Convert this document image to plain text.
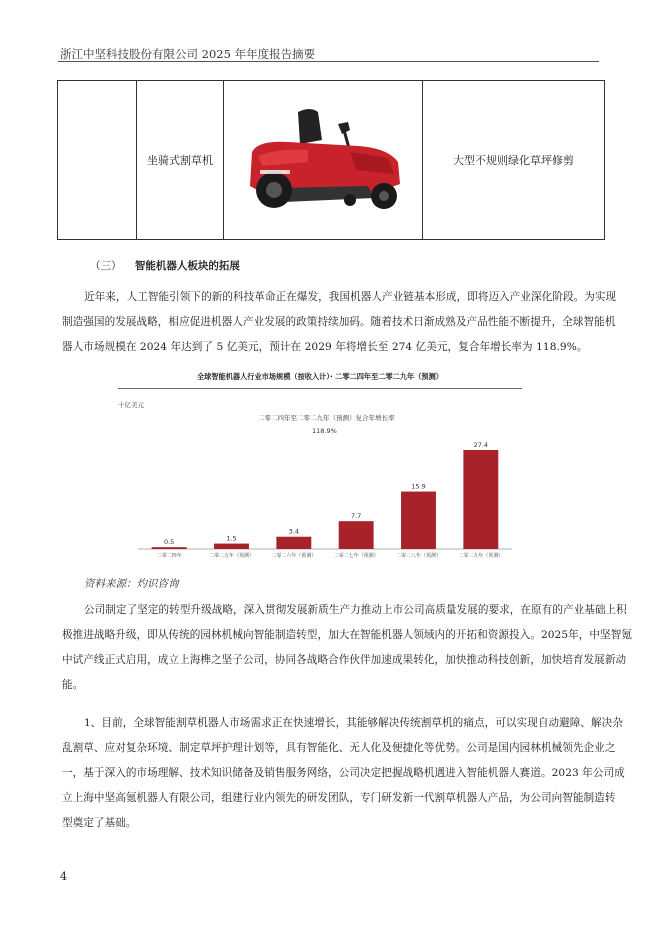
浙江中坚科技股份有限公司 2025 年年度报告摘要
	坐骑式割草机		大型不规则绿化草坪修剪
（三） 智能机器人板块的拓展
近年来，人工智能引领下的新的科技革命正在爆发，我国机器人产业链基本形成，即将迈入产业深化阶段。为实现
制造强国的发展战略，相应促进机器人产业发展的政策持续加码。随着技术日渐成熟及产品性能不断提升，全球智能机
器人市场规模在 2024 年达到了 5 亿美元，预计在 2029 年将增长至 274 亿美元，复合年增长率为 118.9%。
全球智能机器人行业市场规模（按收入计）· 二零二四年至二零二九年（预测）
十亿美元
二零二四年至二零二九年（预测）复合年增长率
118.9%
0.5
二零二四年
1.5
二零二五年（预测）
3.4
二零二六年（预测）
7.7
二零二七年（预测）
15.9
二零二八年（预测）
27.4
二零二九年（预测）
资料来源：灼识咨询
公司制定了坚定的转型升级战略，深入贯彻发展新质生产力推动上市公司高质量发展的要求，在原有的产业基础上积
极推进战略升级，即从传统的园林机械向智能制造转型，加大在智能机器人领域内的开拓和资源投入。2025年，中坚智氪
中试产线正式启用，成立上海榫之坚子公司，协同各战略合作伙伴加速成果转化，加快推动科技创新，加快培育发展新动
能。
1、目前，全球智能割草机器人市场需求正在快速增长，其能够解决传统割草机的痛点，可以实现自动避障、解决杂
乱割草、应对复杂环境、制定草坪护理计划等，具有智能化、无人化及便捷化等优势。公司是国内园林机械领先企业之
一，基于深入的市场理解、技术知识储备及销售服务网络，公司决定把握战略机遇进入智能机器人赛道。2023 年公司成
立上海中坚高氪机器人有限公司，组建行业内领先的研发团队，专门研发新一代割草机器人产品，为公司向智能制造转
型奠定了基础。
4
